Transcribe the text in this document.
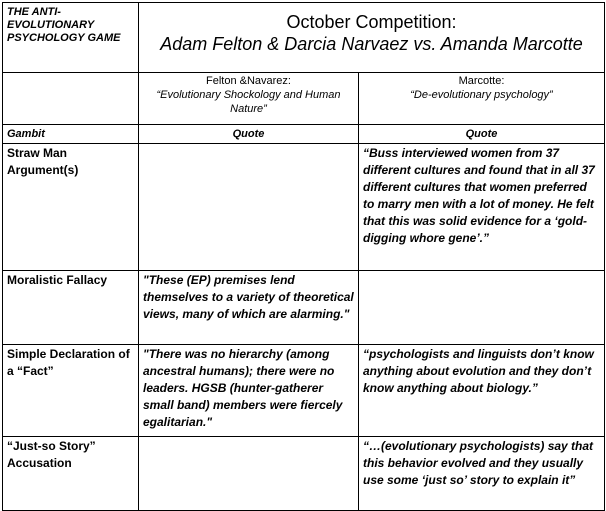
THE ANTI-EVOLUTIONARY PSYCHOLOGY GAME	October Competition:
Adam Felton & Darcia Narvaez vs. Amanda Marcotte	

	Felton &Navarez:
“Evolutionary Shockology and Human Nature”	Marcotte:
“De-evolutionary psychology”

Gambit	Quote	Quote
Straw Man Argument(s)		“Buss interviewed women from 37 different cultures and found that in all 37 different cultures that women preferred to marry men with a lot of money. He felt that this was solid evidence for a ‘gold-digging whore gene’.”
Moralistic Fallacy	"These (EP) premises lend themselves to a variety of theoretical views, many of which are alarming."	
Simple Declaration of a “Fact”	"There was no hierarchy (among ancestral humans); there were no leaders. HGSB (hunter-gatherer small band) members were fiercely egalitarian."	“psychologists and linguists don’t know anything about evolution and they don’t know anything about biology.”
“Just-so Story” Accusation		“…(evolutionary psychologists) say that this behavior evolved and they usually use some ‘just so’ story to explain it”
